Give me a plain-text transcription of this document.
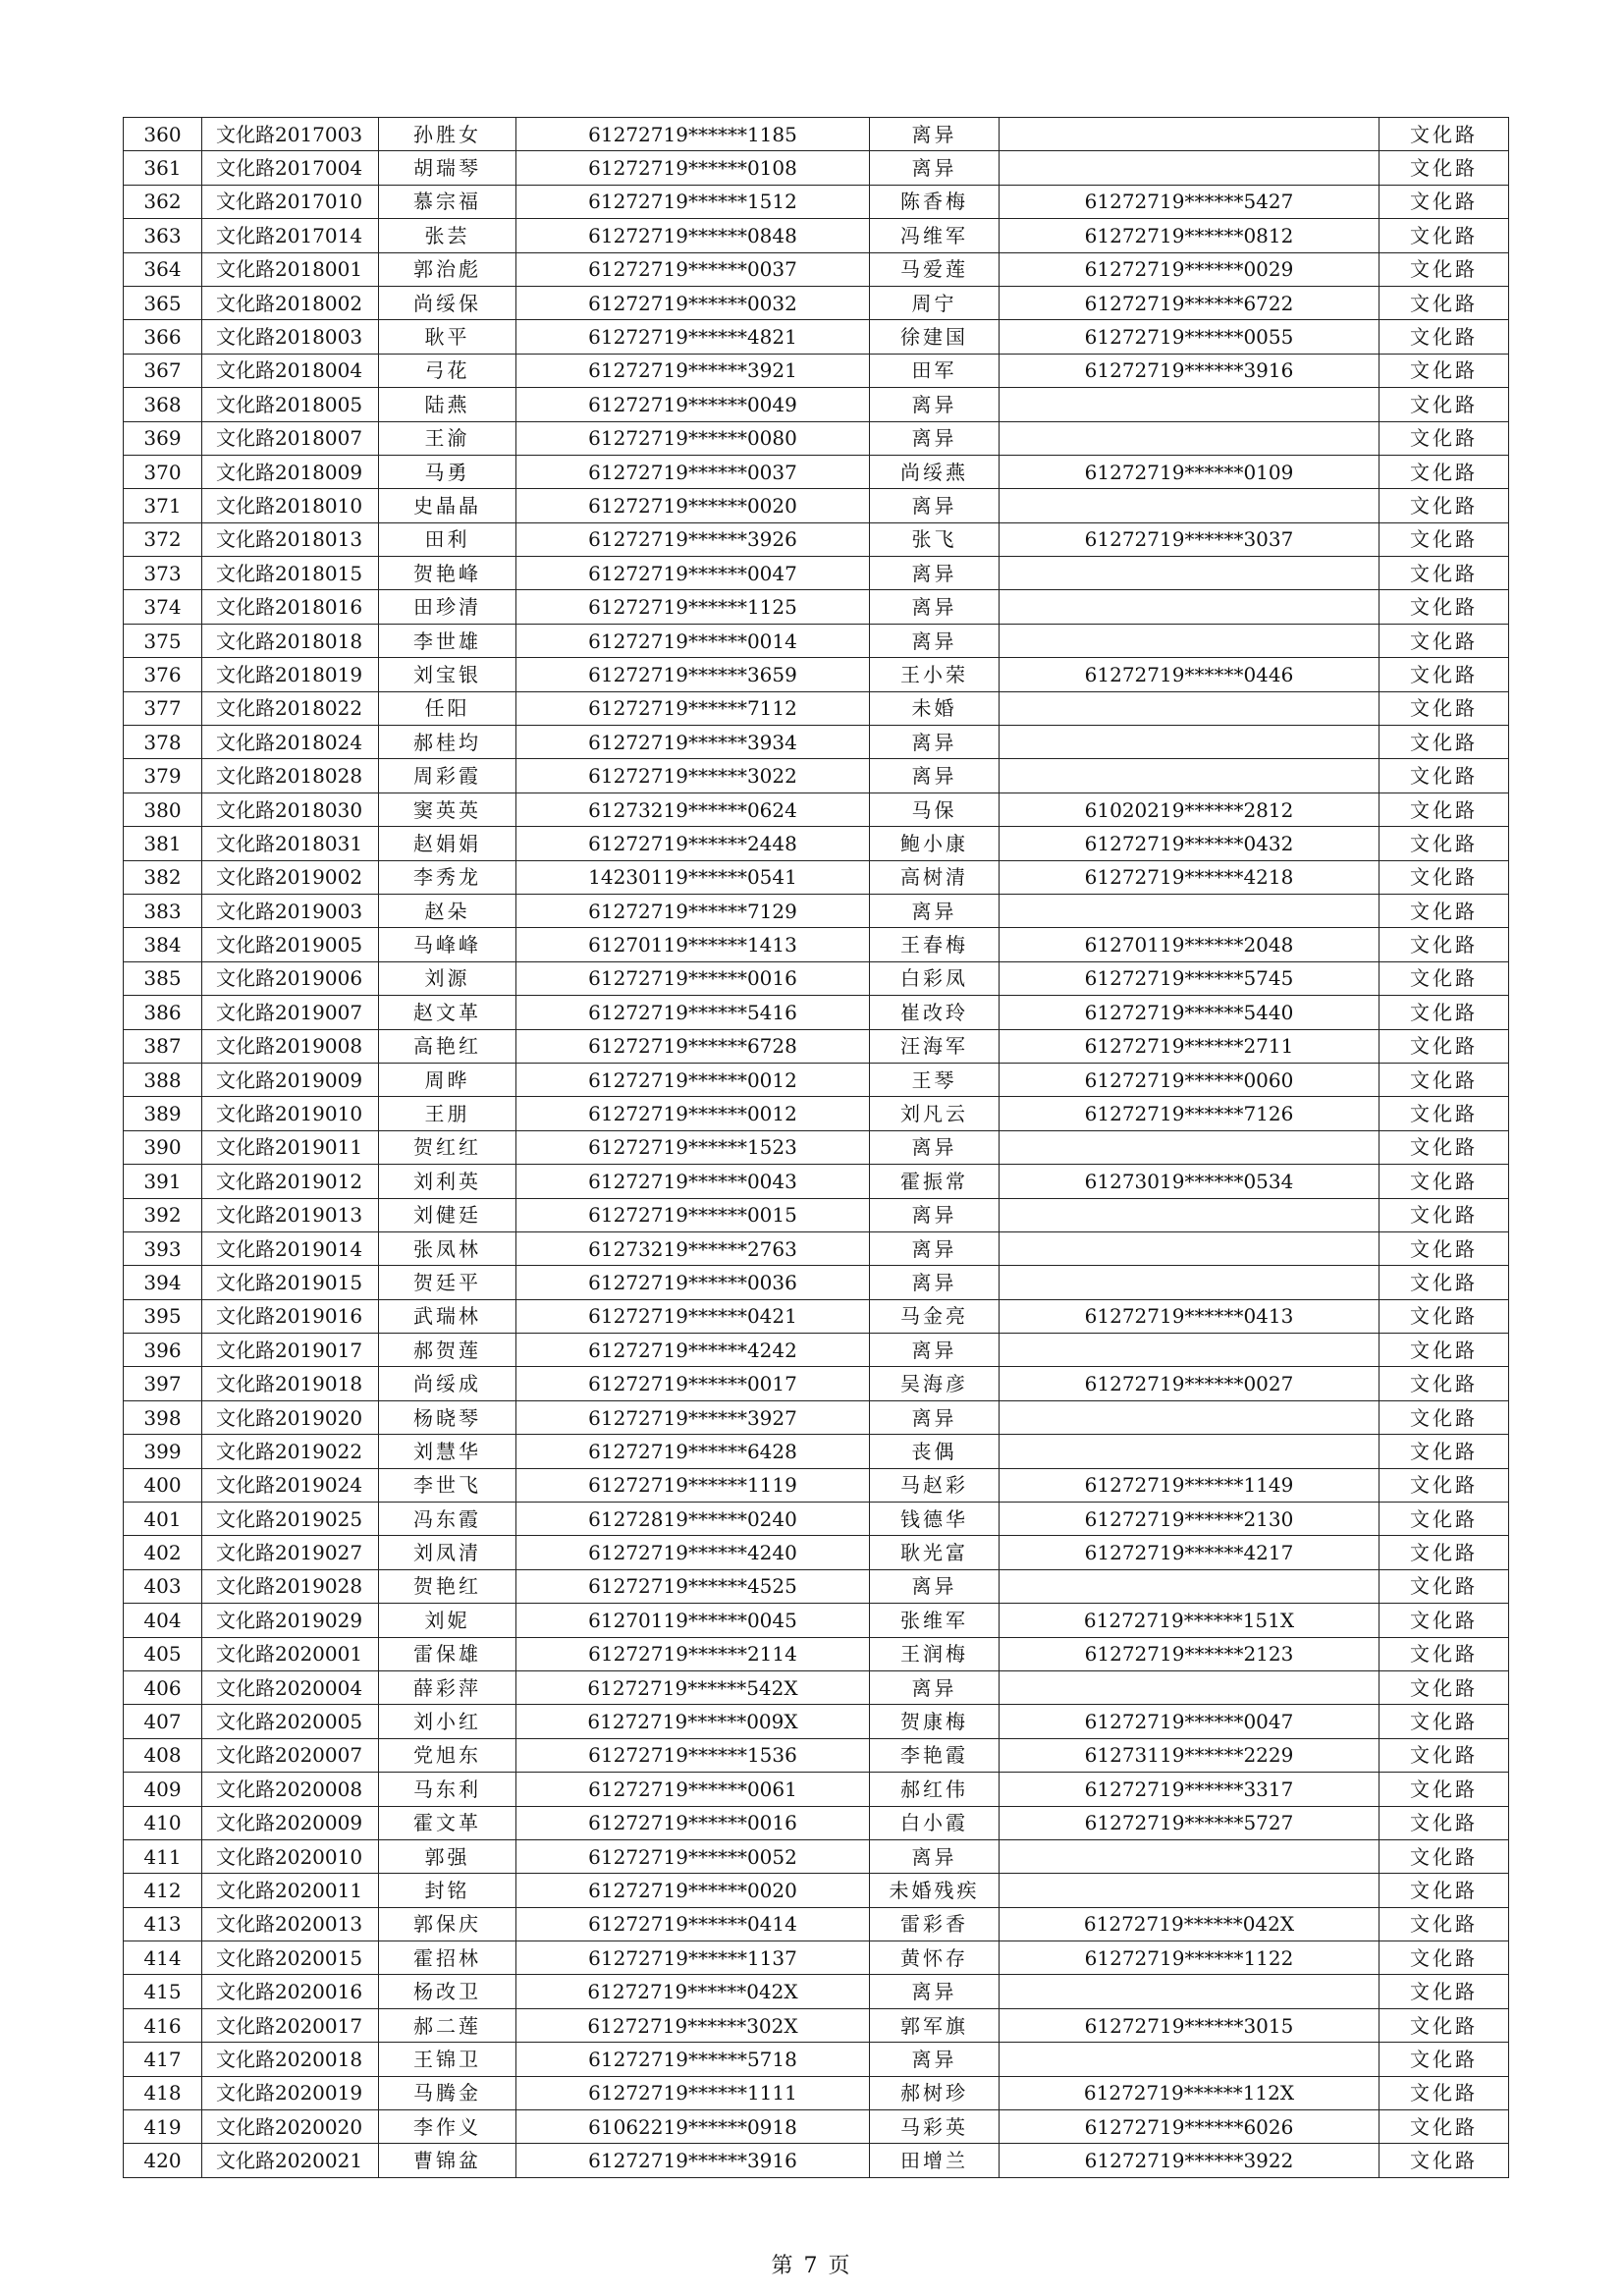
360	文化路2017003	孙胜女	61272719******1185	离异		文化路
361	文化路2017004	胡瑞琴	61272719******0108	离异		文化路
362	文化路2017010	慕宗福	61272719******1512	陈香梅	61272719******5427	文化路
363	文化路2017014	张芸	61272719******0848	冯维军	61272719******0812	文化路
364	文化路2018001	郭治彪	61272719******0037	马爱莲	61272719******0029	文化路
365	文化路2018002	尚绥保	61272719******0032	周宁	61272719******6722	文化路
366	文化路2018003	耿平	61272719******4821	徐建国	61272719******0055	文化路
367	文化路2018004	弓花	61272719******3921	田军	61272719******3916	文化路
368	文化路2018005	陆燕	61272719******0049	离异		文化路
369	文化路2018007	王渝	61272719******0080	离异		文化路
370	文化路2018009	马勇	61272719******0037	尚绥燕	61272719******0109	文化路
371	文化路2018010	史晶晶	61272719******0020	离异		文化路
372	文化路2018013	田利	61272719******3926	张飞	61272719******3037	文化路
373	文化路2018015	贺艳峰	61272719******0047	离异		文化路
374	文化路2018016	田珍清	61272719******1125	离异		文化路
375	文化路2018018	李世雄	61272719******0014	离异		文化路
376	文化路2018019	刘宝银	61272719******3659	王小荣	61272719******0446	文化路
377	文化路2018022	任阳	61272719******7112	未婚		文化路
378	文化路2018024	郝桂均	61272719******3934	离异		文化路
379	文化路2018028	周彩霞	61272719******3022	离异		文化路
380	文化路2018030	窦英英	61273219******0624	马保	61020219******2812	文化路
381	文化路2018031	赵娟娟	61272719******2448	鲍小康	61272719******0432	文化路
382	文化路2019002	李秀龙	14230119******0541	高树清	61272719******4218	文化路
383	文化路2019003	赵朵	61272719******7129	离异		文化路
384	文化路2019005	马峰峰	61270119******1413	王春梅	61270119******2048	文化路
385	文化路2019006	刘源	61272719******0016	白彩凤	61272719******5745	文化路
386	文化路2019007	赵文革	61272719******5416	崔改玲	61272719******5440	文化路
387	文化路2019008	高艳红	61272719******6728	汪海军	61272719******2711	文化路
388	文化路2019009	周晔	61272719******0012	王琴	61272719******0060	文化路
389	文化路2019010	王朋	61272719******0012	刘凡云	61272719******7126	文化路
390	文化路2019011	贺红红	61272719******1523	离异		文化路
391	文化路2019012	刘利英	61272719******0043	霍振常	61273019******0534	文化路
392	文化路2019013	刘健廷	61272719******0015	离异		文化路
393	文化路2019014	张凤林	61273219******2763	离异		文化路
394	文化路2019015	贺廷平	61272719******0036	离异		文化路
395	文化路2019016	武瑞林	61272719******0421	马金亮	61272719******0413	文化路
396	文化路2019017	郝贺莲	61272719******4242	离异		文化路
397	文化路2019018	尚绥成	61272719******0017	吴海彦	61272719******0027	文化路
398	文化路2019020	杨晓琴	61272719******3927	离异		文化路
399	文化路2019022	刘慧华	61272719******6428	丧偶		文化路
400	文化路2019024	李世飞	61272719******1119	马赵彩	61272719******1149	文化路
401	文化路2019025	冯东霞	61272819******0240	钱德华	61272719******2130	文化路
402	文化路2019027	刘凤清	61272719******4240	耿光富	61272719******4217	文化路
403	文化路2019028	贺艳红	61272719******4525	离异		文化路
404	文化路2019029	刘妮	61270119******0045	张维军	61272719******151X	文化路
405	文化路2020001	雷保雄	61272719******2114	王润梅	61272719******2123	文化路
406	文化路2020004	薛彩萍	61272719******542X	离异		文化路
407	文化路2020005	刘小红	61272719******009X	贺康梅	61272719******0047	文化路
408	文化路2020007	党旭东	61272719******1536	李艳霞	61273119******2229	文化路
409	文化路2020008	马东利	61272719******0061	郝红伟	61272719******3317	文化路
410	文化路2020009	霍文革	61272719******0016	白小霞	61272719******5727	文化路
411	文化路2020010	郭强	61272719******0052	离异		文化路
412	文化路2020011	封铭	61272719******0020	未婚残疾		文化路
413	文化路2020013	郭保庆	61272719******0414	雷彩香	61272719******042X	文化路
414	文化路2020015	霍招林	61272719******1137	黄怀存	61272719******1122	文化路
415	文化路2020016	杨改卫	61272719******042X	离异		文化路
416	文化路2020017	郝二莲	61272719******302X	郭军旗	61272719******3015	文化路
417	文化路2020018	王锦卫	61272719******5718	离异		文化路
418	文化路2020019	马腾金	61272719******1111	郝树珍	61272719******112X	文化路
419	文化路2020020	李作义	61062219******0918	马彩英	61272719******6026	文化路
420	文化路2020021	曹锦盆	61272719******3916	田增兰	61272719******3922	文化路
第 7 页
